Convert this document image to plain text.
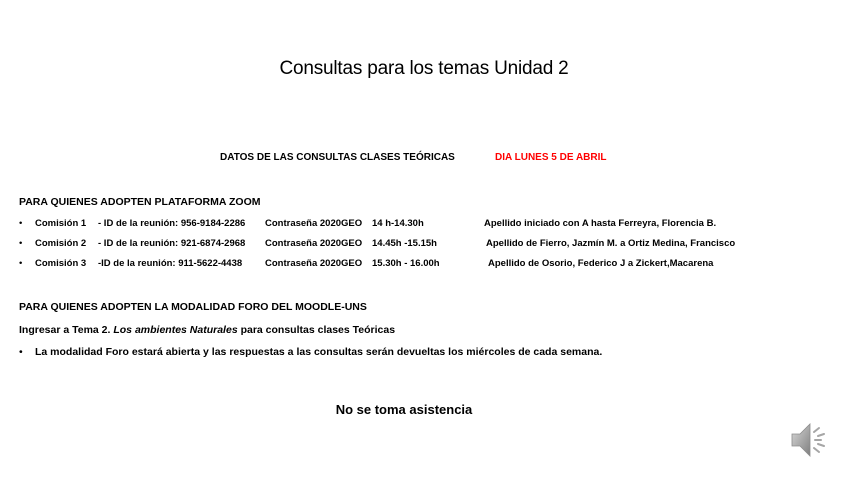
Consultas para los temas Unidad 2
DATOS DE LAS CONSULTAS CLASES TEÓRICAS	DIA LUNES 5 DE ABRIL
PARA QUIENES ADOPTEN PLATAFORMA ZOOM
• Comisión 1 - ID de la reunión: 956-9184-2286 Contraseña 2020GEO 14 h-14.30h	Apellido iniciado con A hasta Ferreyra, Florencia B.
• Comisión 2 - ID de la reunión: 921-6874-2968 Contraseña 2020GEO 14.45h -15.15h	Apellido de Fierro, Jazmín M. a Ortiz Medina, Francisco
• Comisión 3 -ID de la reunión: 911-5622-4438 Contraseña 2020GEO 15.30h - 16.00h	Apellido de Osorio, Federico J a Zickert,Macarena
PARA QUIENES ADOPTEN LA MODALIDAD FORO DEL MOODLE-UNS
Ingresar a Tema 2. Los ambientes Naturales para consultas clases Teóricas
• La modalidad Foro estará abierta y las respuestas a las consultas serán devueltas los miércoles de cada semana.
No se toma asistencia
